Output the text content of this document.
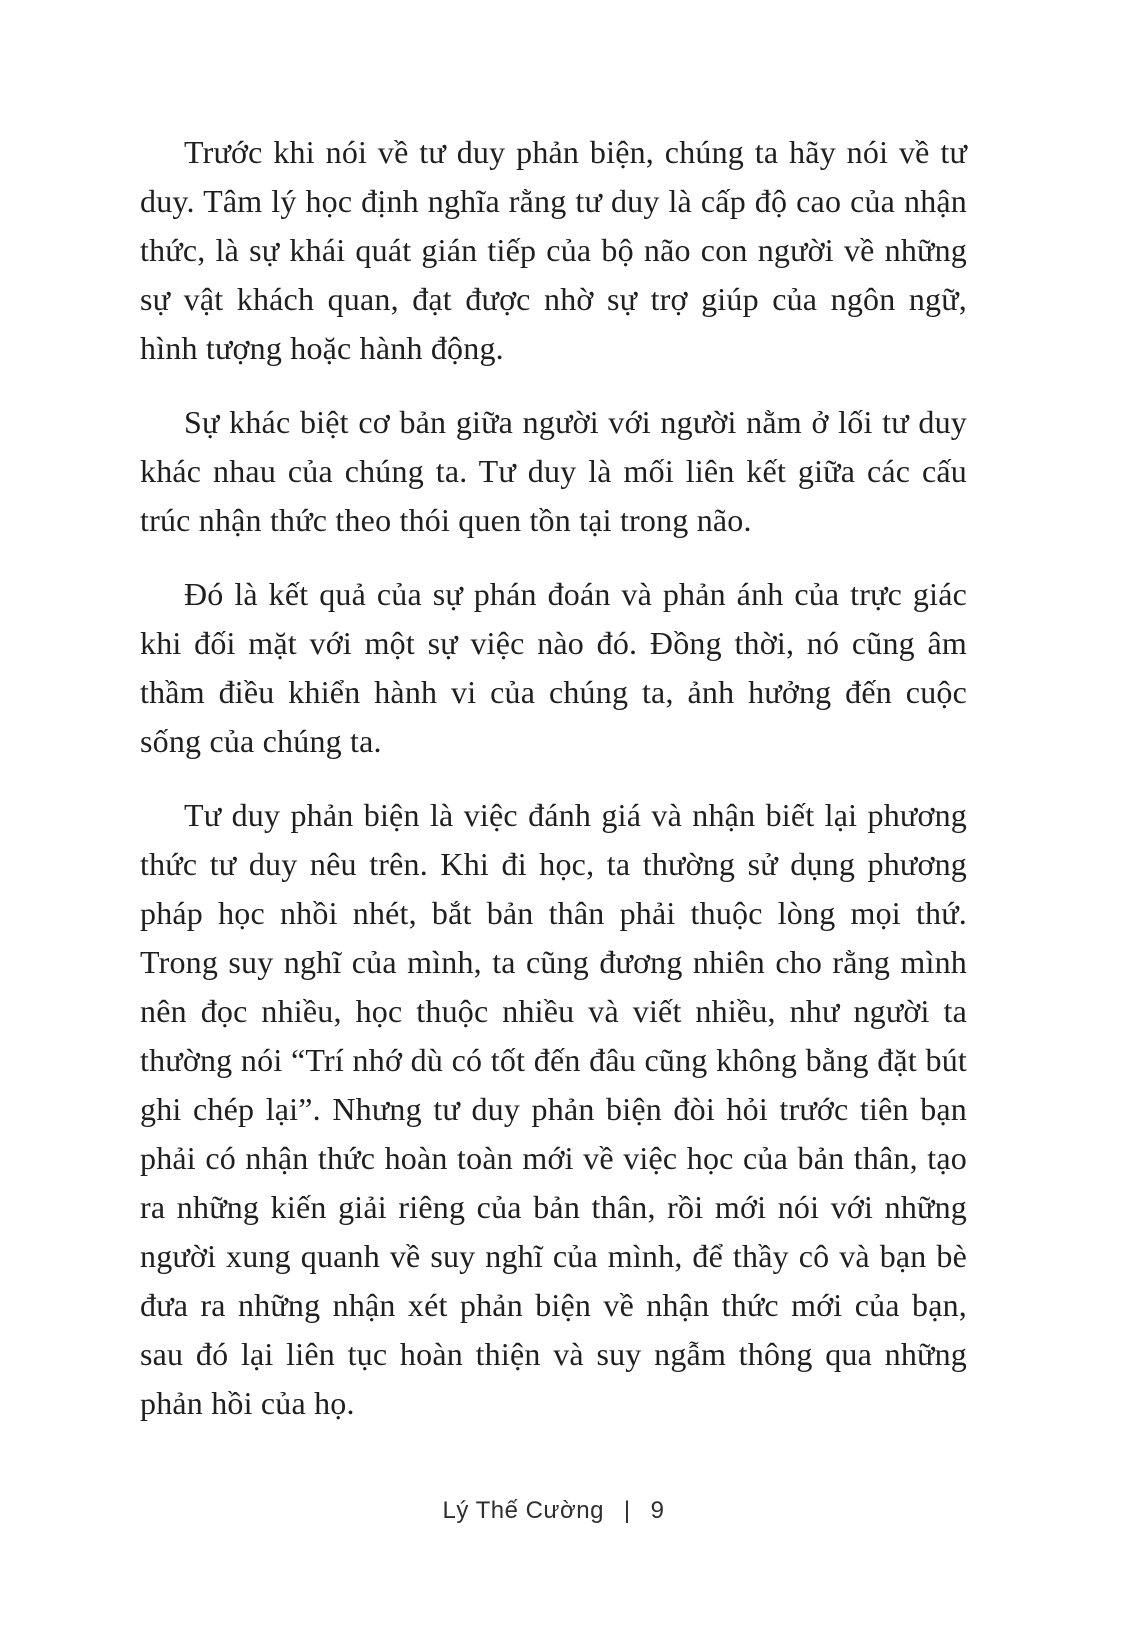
Trước khi nói về tư duy phản biện, chúng ta hãy nói về tư duy. Tâm lý học định nghĩa rằng tư duy là cấp độ cao của nhận thức, là sự khái quát gián tiếp của bộ não con người về những sự vật khách quan, đạt được nhờ sự trợ giúp của ngôn ngữ, hình tượng hoặc hành động.

Sự khác biệt cơ bản giữa người với người nằm ở lối tư duy khác nhau của chúng ta. Tư duy là mối liên kết giữa các cấu trúc nhận thức theo thói quen tồn tại trong não.

Đó là kết quả của sự phán đoán và phản ánh của trực giác khi đối mặt với một sự việc nào đó. Đồng thời, nó cũng âm thầm điều khiển hành vi của chúng ta, ảnh hưởng đến cuộc sống của chúng ta.

Tư duy phản biện là việc đánh giá và nhận biết lại phương thức tư duy nêu trên. Khi đi học, ta thường sử dụng phương pháp học nhồi nhét, bắt bản thân phải thuộc lòng mọi thứ. Trong suy nghĩ của mình, ta cũng đương nhiên cho rằng mình nên đọc nhiều, học thuộc nhiều và viết nhiều, như người ta thường nói “Trí nhớ dù có tốt đến đâu cũng không bằng đặt bút ghi chép lại”. Nhưng tư duy phản biện đòi hỏi trước tiên bạn phải có nhận thức hoàn toàn mới về việc học của bản thân, tạo ra những kiến giải riêng của bản thân, rồi mới nói với những người xung quanh về suy nghĩ của mình, để thầy cô và bạn bè đưa ra những nhận xét phản biện về nhận thức mới của bạn, sau đó lại liên tục hoàn thiện và suy ngẫm thông qua những phản hồi của họ.

Lý Thế Cường | 9
